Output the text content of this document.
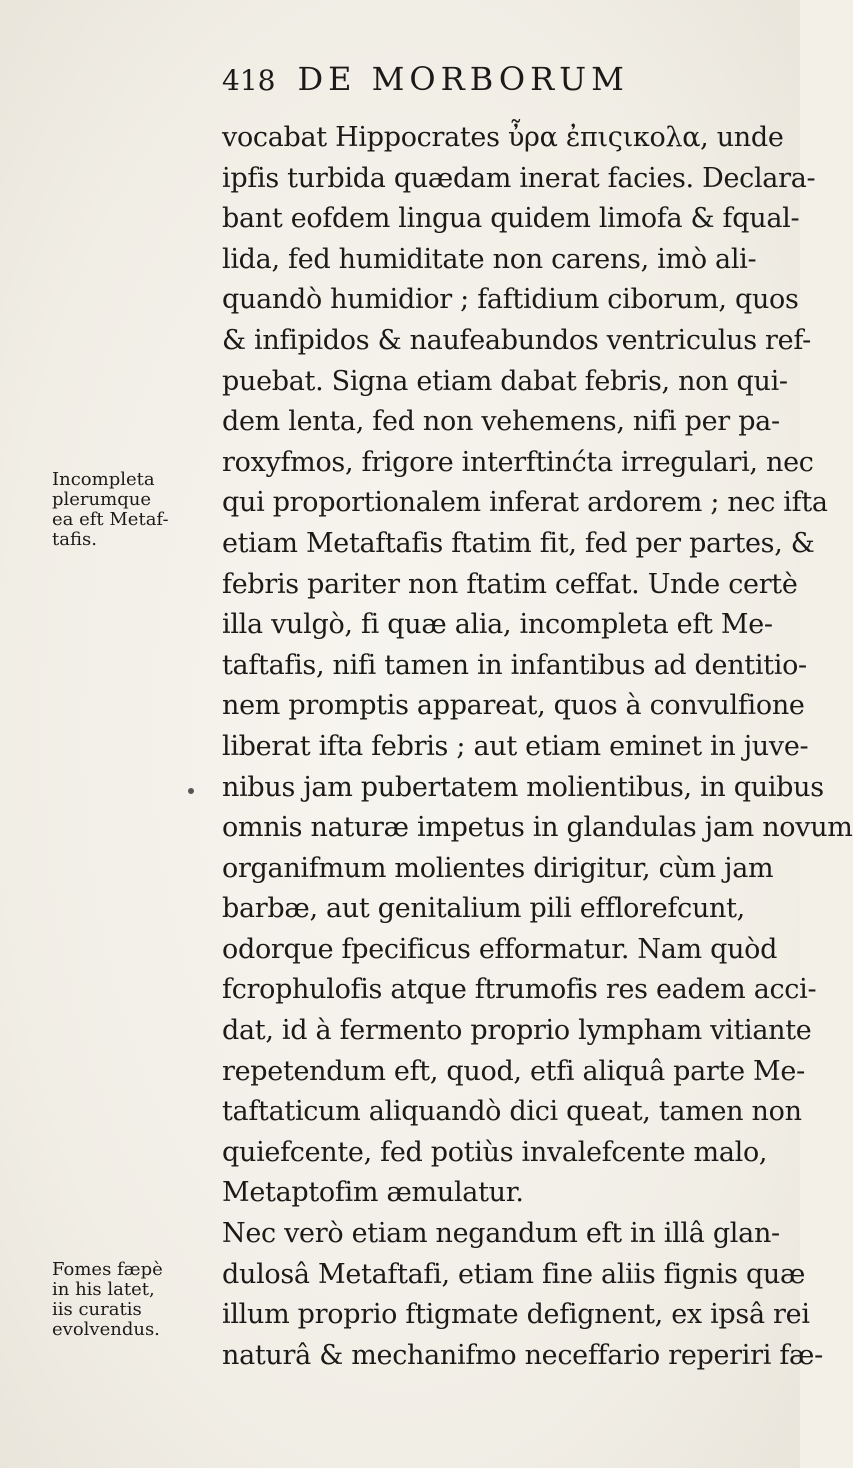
418 DE MORBORUM
vocabat Hippocrates ὖρα ἐπιςικολα, unde
ipfis turbida quædam inerat facies. Declara-
bant eofdem lingua quidem limofa & fqual-
lida, fed humiditate non carens, imò ali-
quandò humidior ; faftidium ciborum, quos
& infipidos & naufeabundos ventriculus ref-
puebat. Signa etiam dabat febris, non qui-
dem lenta, fed non vehemens, nifi per pa-
roxyfmos, frigore interftinćta irregulari, nec
qui proportionalem inferat ardorem ; nec ifta
etiam Metaftafis ftatim fit, fed per partes, &
febris pariter non ftatim ceffat. Unde certè
illa vulgò, fi quæ alia, incompleta eft Me-
taftafis, nifi tamen in infantibus ad dentitio-
nem promptis appareat, quos à convulfione
liberat ifta febris ; aut etiam eminet in juve-
nibus jam pubertatem molientibus, in quibus
omnis naturæ impetus in glandulas jam novum
organifmum molientes dirigitur, cùm jam
barbæ, aut genitalium pili efflorefcunt,
odorque fpecificus efformatur. Nam quòd
fcrophulofis atque ftrumofis res eadem acci-
dat, id à fermento proprio lympham vitiante
repetendum eft, quod, etfi aliquâ parte Me-
taftaticum aliquandò dici queat, tamen non
quiefcente, fed potiùs invalefcente malo,
Metaptofim æmulatur.
Nec verò etiam negandum eft in illâ glan-
dulosâ Metaftafi, etiam fine aliis fignis quæ
illum proprio ftigmate defignent, ex ipsâ rei
naturâ & mechanifmo neceffario reperiri fæ-
Incompleta
plerumque
ea eft Metaf-
tafis.
Fomes fæpè
in his latet,
iis curatis
evolvendus.
